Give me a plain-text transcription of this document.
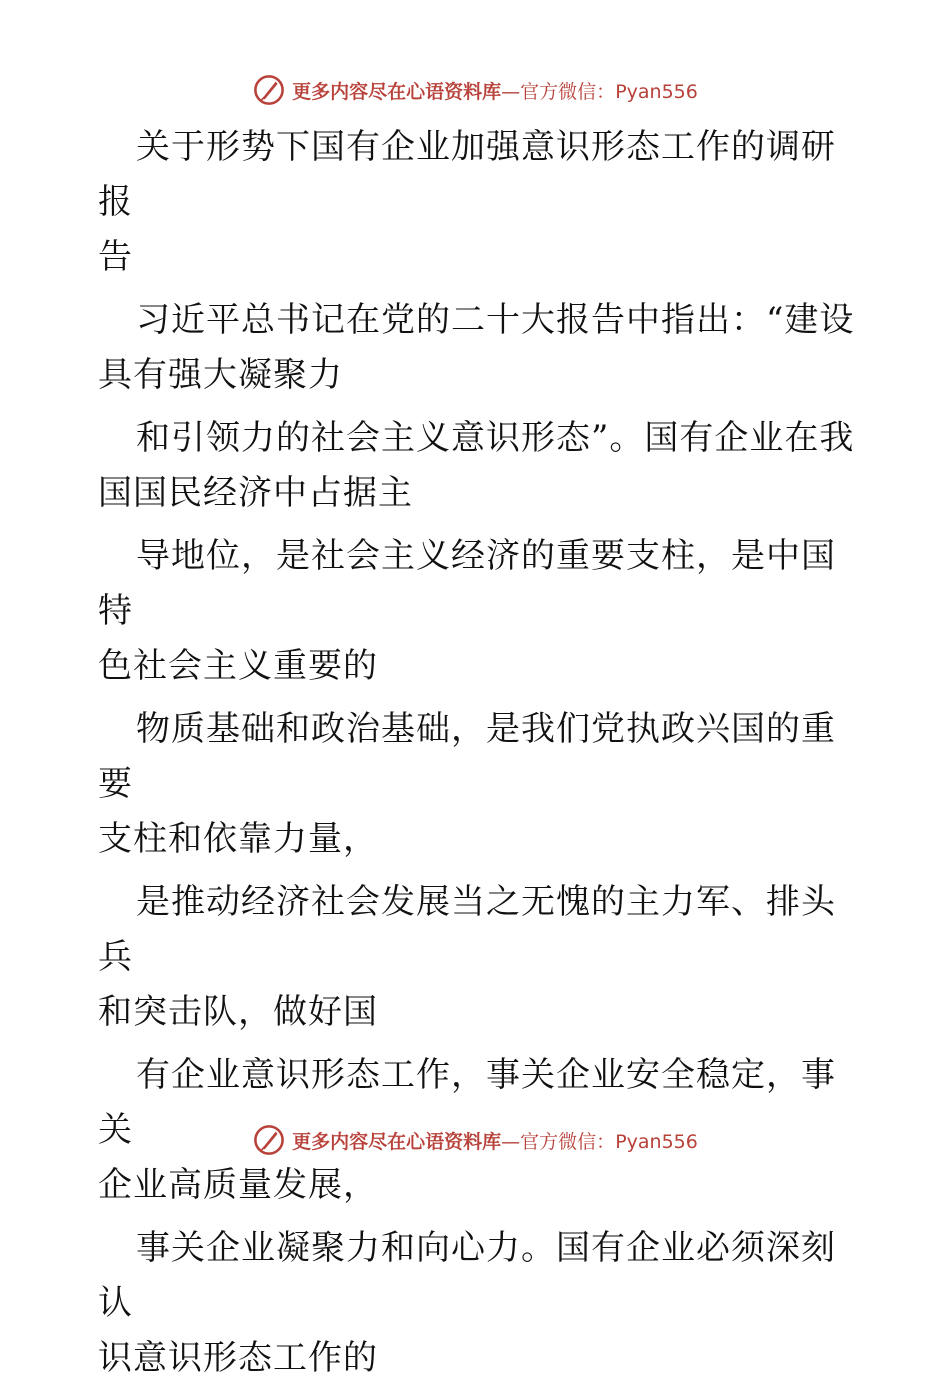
更多内容尽在心语资料库—官方微信：Pyan556

关于形势下国有企业加强意识形态工作的调研报
告

习近平总书记在党的二十大报告中指出：“建设
具有强大凝聚力

和引领力的社会主义意识形态”。国有企业在我
国国民经济中占据主

导地位，是社会主义经济的重要支柱，是中国特
色社会主义重要的

物质基础和政治基础，是我们党执政兴国的重要
支柱和依靠力量，

是推动经济社会发展当之无愧的主力军、排头兵
和突击队，做好国

有企业意识形态工作，事关企业安全稳定，事关
企业高质量发展，

事关企业凝聚力和向心力。国有企业必须深刻认
识意识形态工作的

更多内容尽在心语资料库—官方微信：Pyan556
